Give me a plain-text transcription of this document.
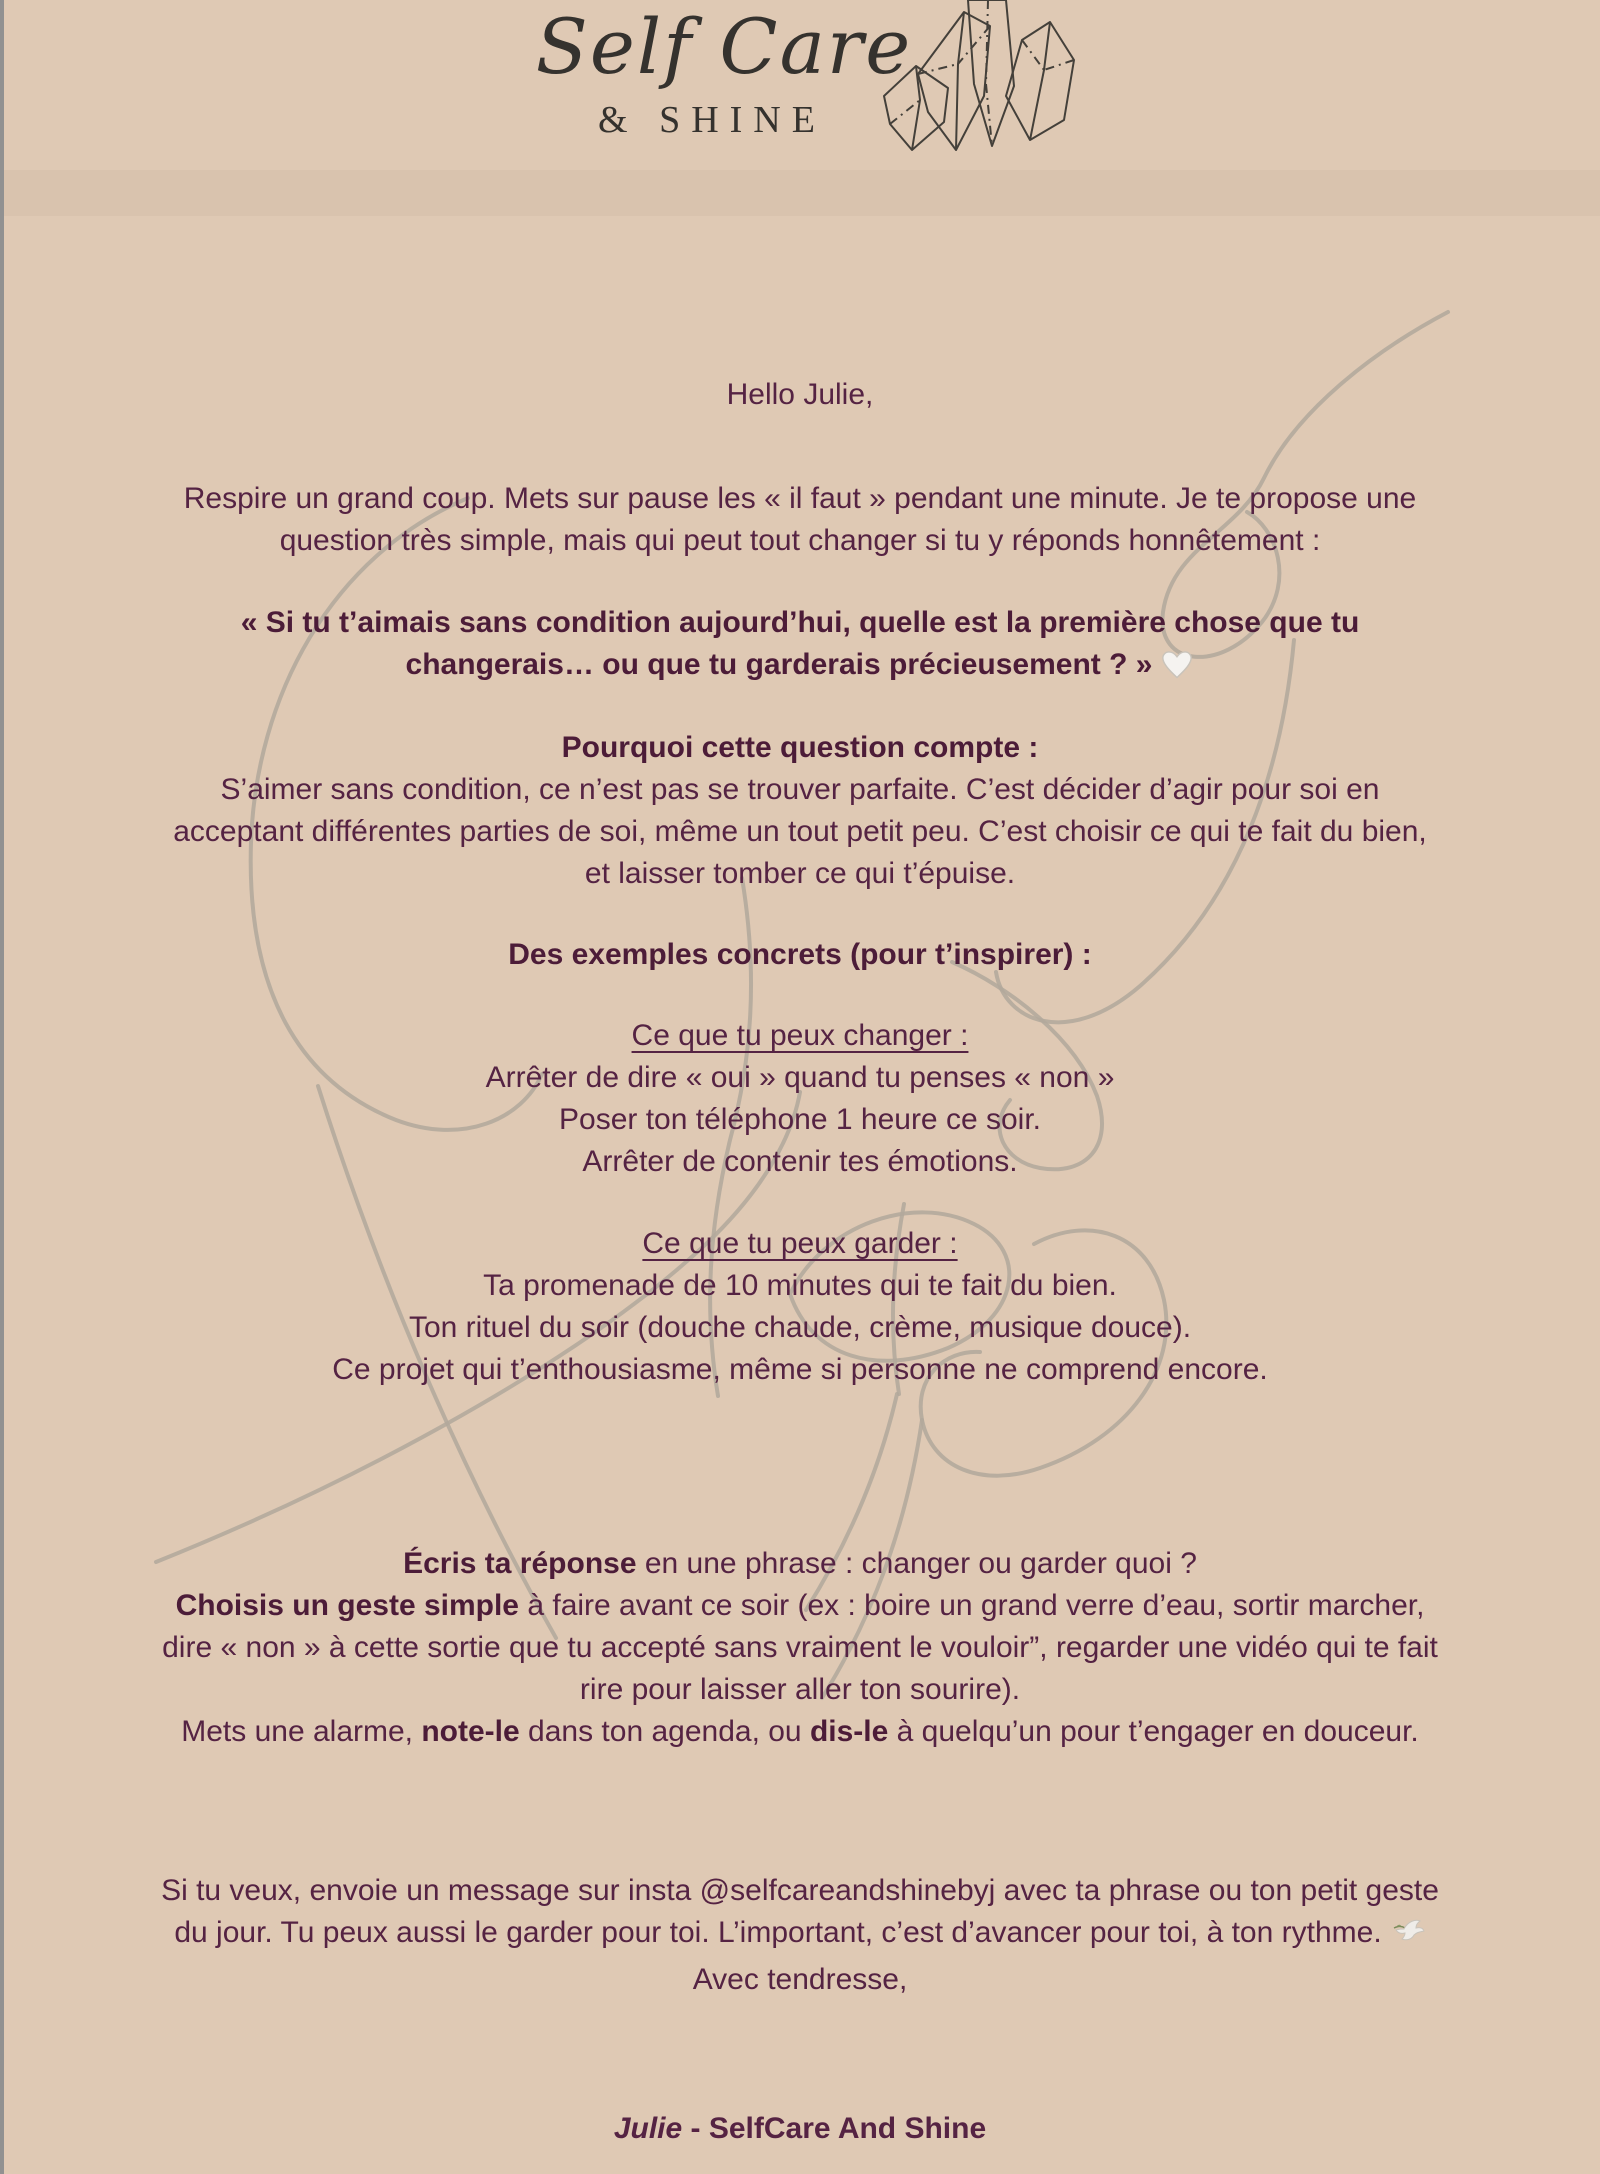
Self Care
& SHINE
Hello Julie,
Respire un grand coup. Mets sur pause les « il faut » pendant une minute. Je te propose une question très simple, mais qui peut tout changer si tu y réponds honnêtement :
« Si tu t’aimais sans condition aujourd’hui, quelle est la première chose que tu changerais… ou que tu garderais précieusement ? »
Pourquoi cette question compte :
S’aimer sans condition, ce n’est pas se trouver parfaite. C’est décider d’agir pour soi en acceptant différentes parties de soi, même un tout petit peu. C’est choisir ce qui te fait du bien, et laisser tomber ce qui t’épuise.
Des exemples concrets (pour t’inspirer) :
Ce que tu peux changer :
Arrêter de dire « oui » quand tu penses « non »
Poser ton téléphone 1 heure ce soir.
Arrêter de contenir tes émotions.
Ce que tu peux garder :
Ta promenade de 10 minutes qui te fait du bien.
Ton rituel du soir (douche chaude, crème, musique douce).
Ce projet qui t’enthousiasme, même si personne ne comprend encore.
Écris ta réponse en une phrase : changer ou garder quoi ?
Choisis un geste simple à faire avant ce soir (ex : boire un grand verre d’eau, sortir marcher, dire « non » à cette sortie que tu accepté sans vraiment le vouloir”, regarder une vidéo qui te fait rire pour laisser aller ton sourire).
Mets une alarme, note-le dans ton agenda, ou dis-le à quelqu’un pour t’engager en douceur.
Si tu veux, envoie un message sur insta @selfcareandshinebyj avec ta phrase ou ton petit geste du jour. Tu peux aussi le garder pour toi. L’important, c’est d’avancer pour toi, à ton rythme.
Avec tendresse,
Julie - SelfCare And Shine
